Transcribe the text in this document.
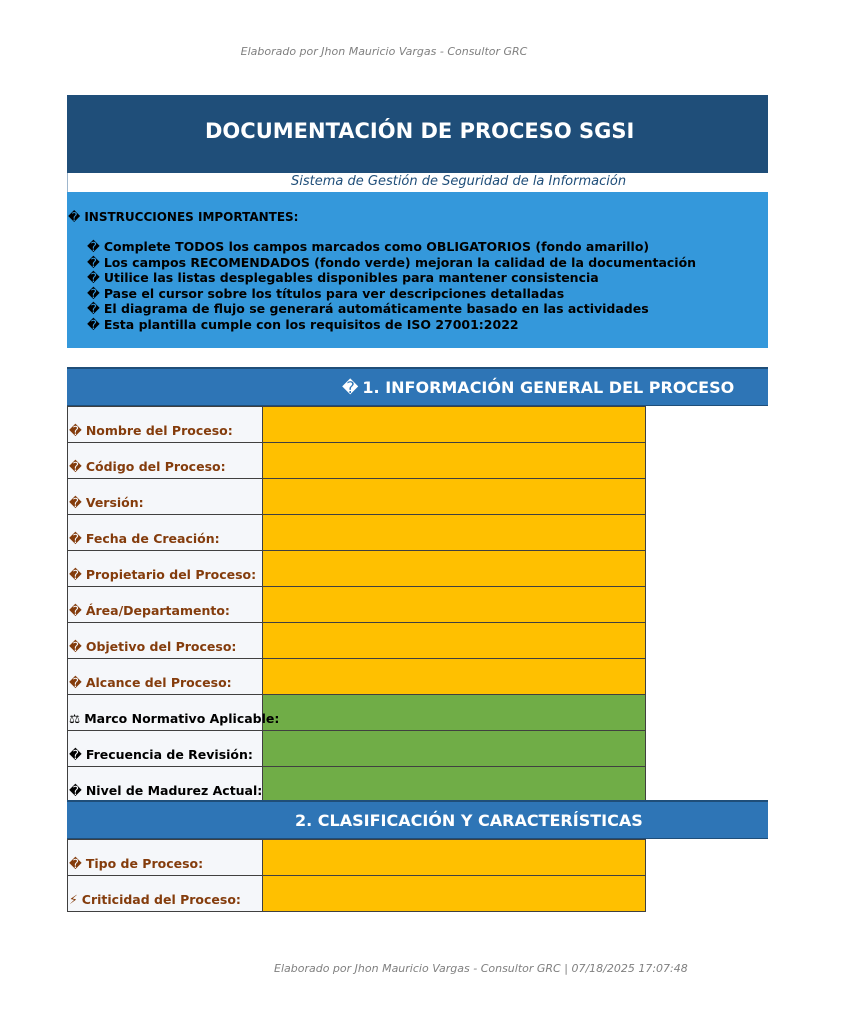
Elaborado por Jhon Mauricio Vargas - Consultor GRC
DOCUMENTACIÓN DE PROCESO SGSI
Sistema de Gestión de Seguridad de la Información
� INSTRUCCIONES IMPORTANTES:
� Complete TODOS los campos marcados como OBLIGATORIOS (fondo amarillo)
� Los campos RECOMENDADOS (fondo verde) mejoran la calidad de la documentación
� Utilice las listas desplegables disponibles para mantener consistencia
� Pase el cursor sobre los títulos para ver descripciones detalladas
� El diagrama de flujo se generará automáticamente basado en las actividades
� Esta plantilla cumple con los requisitos de ISO 27001:2022
� 1. INFORMACIÓN GENERAL DEL PROCESO
� Nombre del Proceso:	
� Código del Proceso:	
� Versión:	
� Fecha de Creación:	
� Propietario del Proceso:	
� Área/Departamento:	
� Objetivo del Proceso:	
� Alcance del Proceso:	
⚖ Marco Normativo Aplicable:	
� Frecuencia de Revisión:	
� Nivel de Madurez Actual:	
2. CLASIFICACIÓN Y CARACTERÍSTICAS
� Tipo de Proceso:	
⚡ Criticidad del Proceso:	
Elaborado por Jhon Mauricio Vargas - Consultor GRC | 07/18/2025 17:07:48
